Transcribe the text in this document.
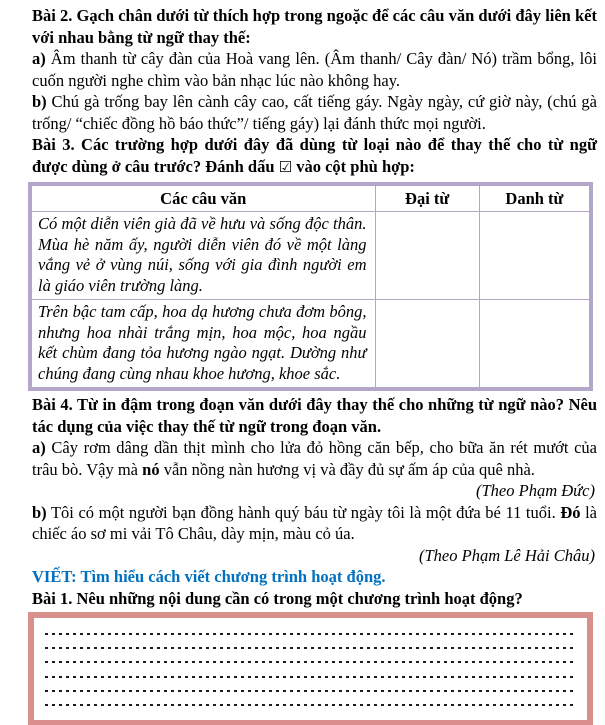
Bài 2. Gạch chân dưới từ thích hợp trong ngoặc để các câu văn dưới đây liên kết với nhau bằng từ ngữ thay thế:

a) Âm thanh từ cây đàn của Hoà vang lên. (Âm thanh/ Cây đàn/ Nó) trầm bổng, lôi cuốn người nghe chìm vào bản nhạc lúc nào không hay.

b) Chú gà trống bay lên cành cây cao, cất tiếng gáy. Ngày ngày, cứ giờ này, (chú gà trống/ “chiếc đồng hồ báo thức”/ tiếng gáy) lại đánh thức mọi người.

Bài 3. Các trường hợp dưới đây đã dùng từ loại nào để thay thế cho từ ngữ được dùng ở câu trước? Đánh dấu ☑ vào cột phù hợp:

Các câu văn	Đại từ	Danh từ
Có một diễn viên già đã về hưu và sống độc thân. Mùa hè năm ấy, người diễn viên đó về một làng vắng vẻ ở vùng núi, sống với gia đình người em là giáo viên trường làng.		
Trên bậc tam cấp, hoa dạ hương chưa đơm bông, nhưng hoa nhài trắng mịn, hoa mộc, hoa ngầu kết chùm đang tỏa hương ngào ngạt. Dường như chúng đang cùng nhau khoe hương, khoe sắc.		

Bài 4. Từ in đậm trong đoạn văn dưới đây thay thế cho những từ ngữ nào? Nêu tác dụng của việc thay thế từ ngữ trong đoạn văn.

a) Cây rơm dâng dần thịt mình cho lửa đỏ hồng căn bếp, cho bữa ăn rét mướt của trâu bò. Vậy mà nó vẫn nồng nàn hương vị và đầy đủ sự ấm áp của quê nhà.

(Theo Phạm Đức)

b) Tôi có một người bạn đồng hành quý báu từ ngày tôi là một đứa bé 11 tuổi. Đó là chiếc áo sơ mi vải Tô Châu, dày mịn, màu cỏ úa.

(Theo Phạm Lê Hải Châu)

VIẾT: Tìm hiểu cách viết chương trình hoạt động.

Bài 1. Nêu những nội dung cần có trong một chương trình hoạt động?
